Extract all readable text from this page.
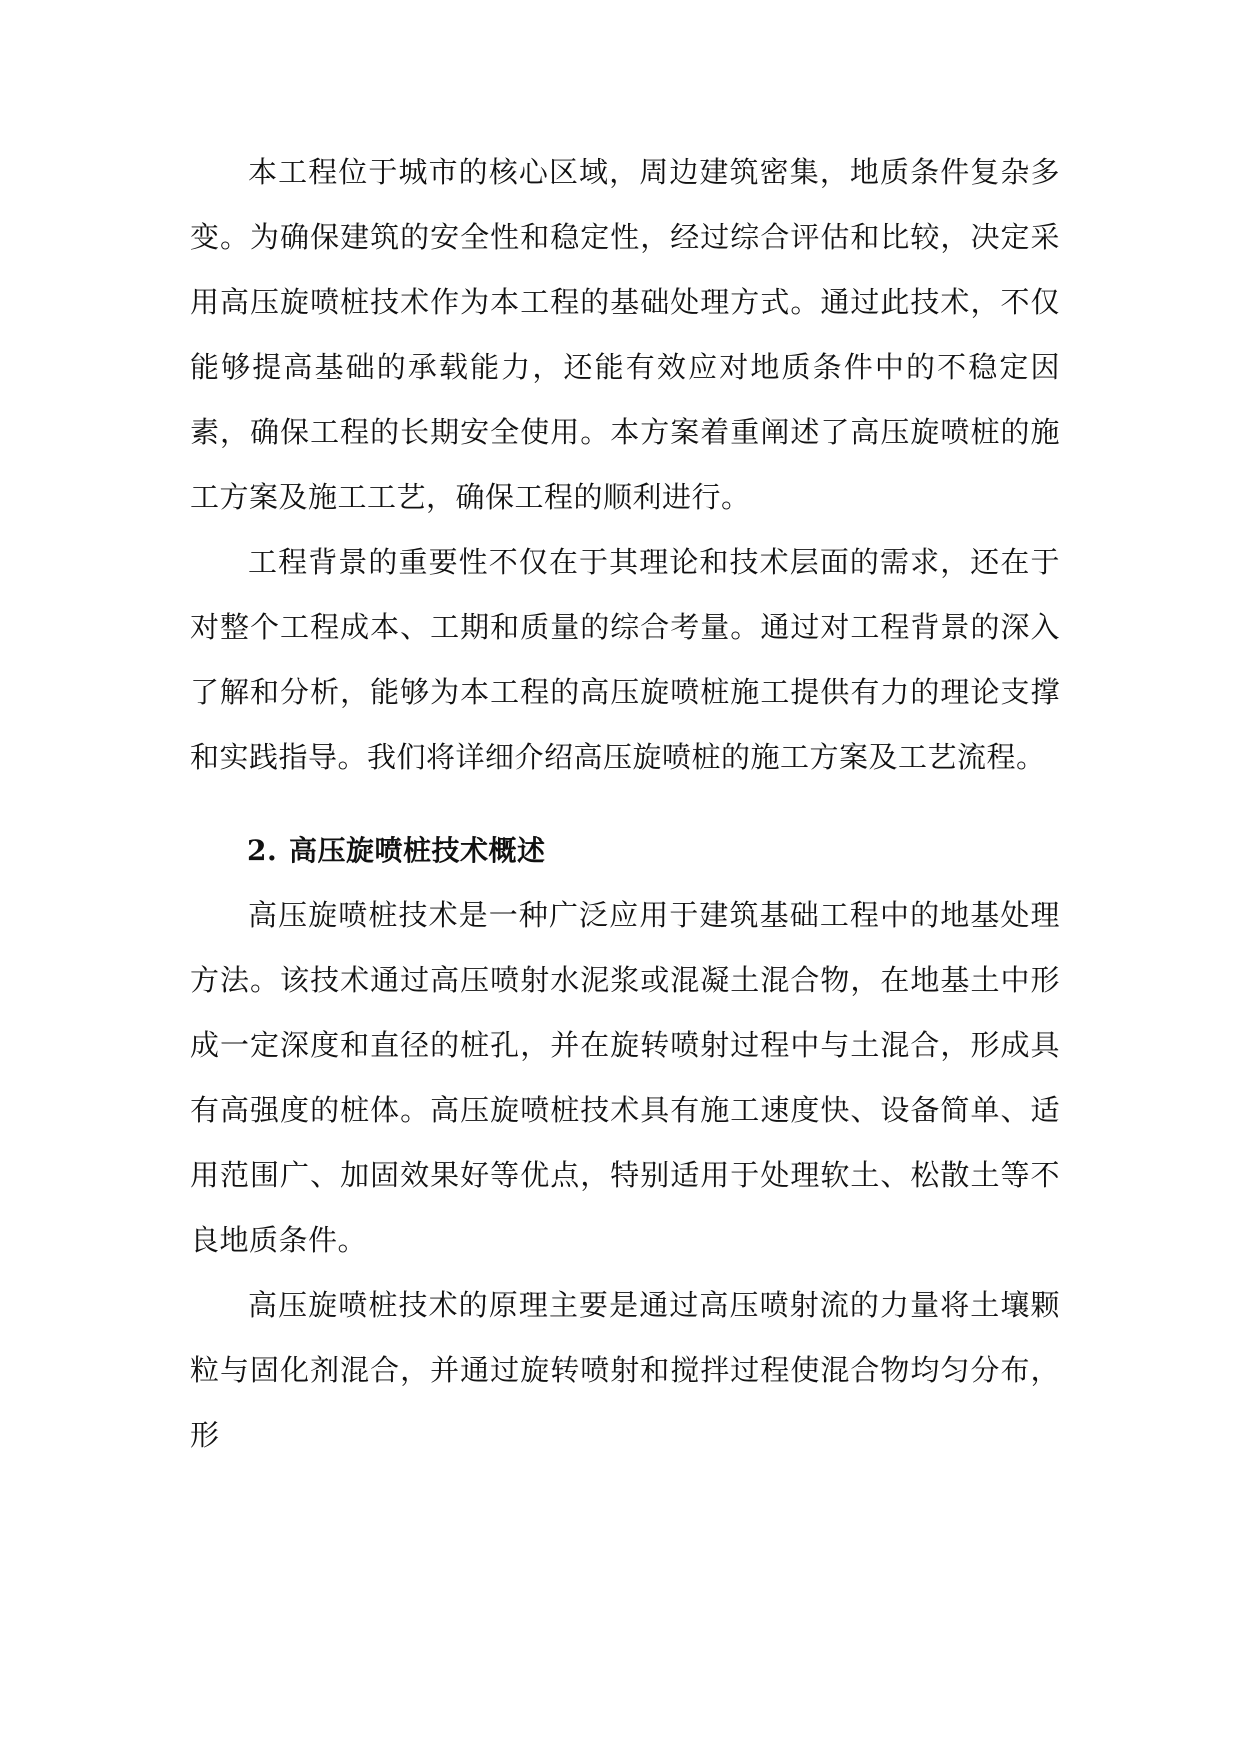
本工程位于城市的核心区域，周边建筑密集，地质条件复杂多变。为确保建筑的安全性和稳定性，经过综合评估和比较，决定采用高压旋喷桩技术作为本工程的基础处理方式。通过此技术，不仅能够提高基础的承载能力，还能有效应对地质条件中的不稳定因素，确保工程的长期安全使用。本方案着重阐述了高压旋喷桩的施工方案及施工工艺，确保工程的顺利进行。

工程背景的重要性不仅在于其理论和技术层面的需求，还在于对整个工程成本、工期和质量的综合考量。通过对工程背景的深入了解和分析，能够为本工程的高压旋喷桩施工提供有力的理论支撑和实践指导。我们将详细介绍高压旋喷桩的施工方案及工艺流程。

2. 高压旋喷桩技术概述

高压旋喷桩技术是一种广泛应用于建筑基础工程中的地基处理方法。该技术通过高压喷射水泥浆或混凝土混合物，在地基土中形成一定深度和直径的桩孔，并在旋转喷射过程中与土混合，形成具有高强度的桩体。高压旋喷桩技术具有施工速度快、设备简单、适用范围广、加固效果好等优点，特别适用于处理软土、松散土等不良地质条件。

高压旋喷桩技术的原理主要是通过高压喷射流的力量将土壤颗粒与固化剂混合，并通过旋转喷射和搅拌过程使混合物均匀分布，形
